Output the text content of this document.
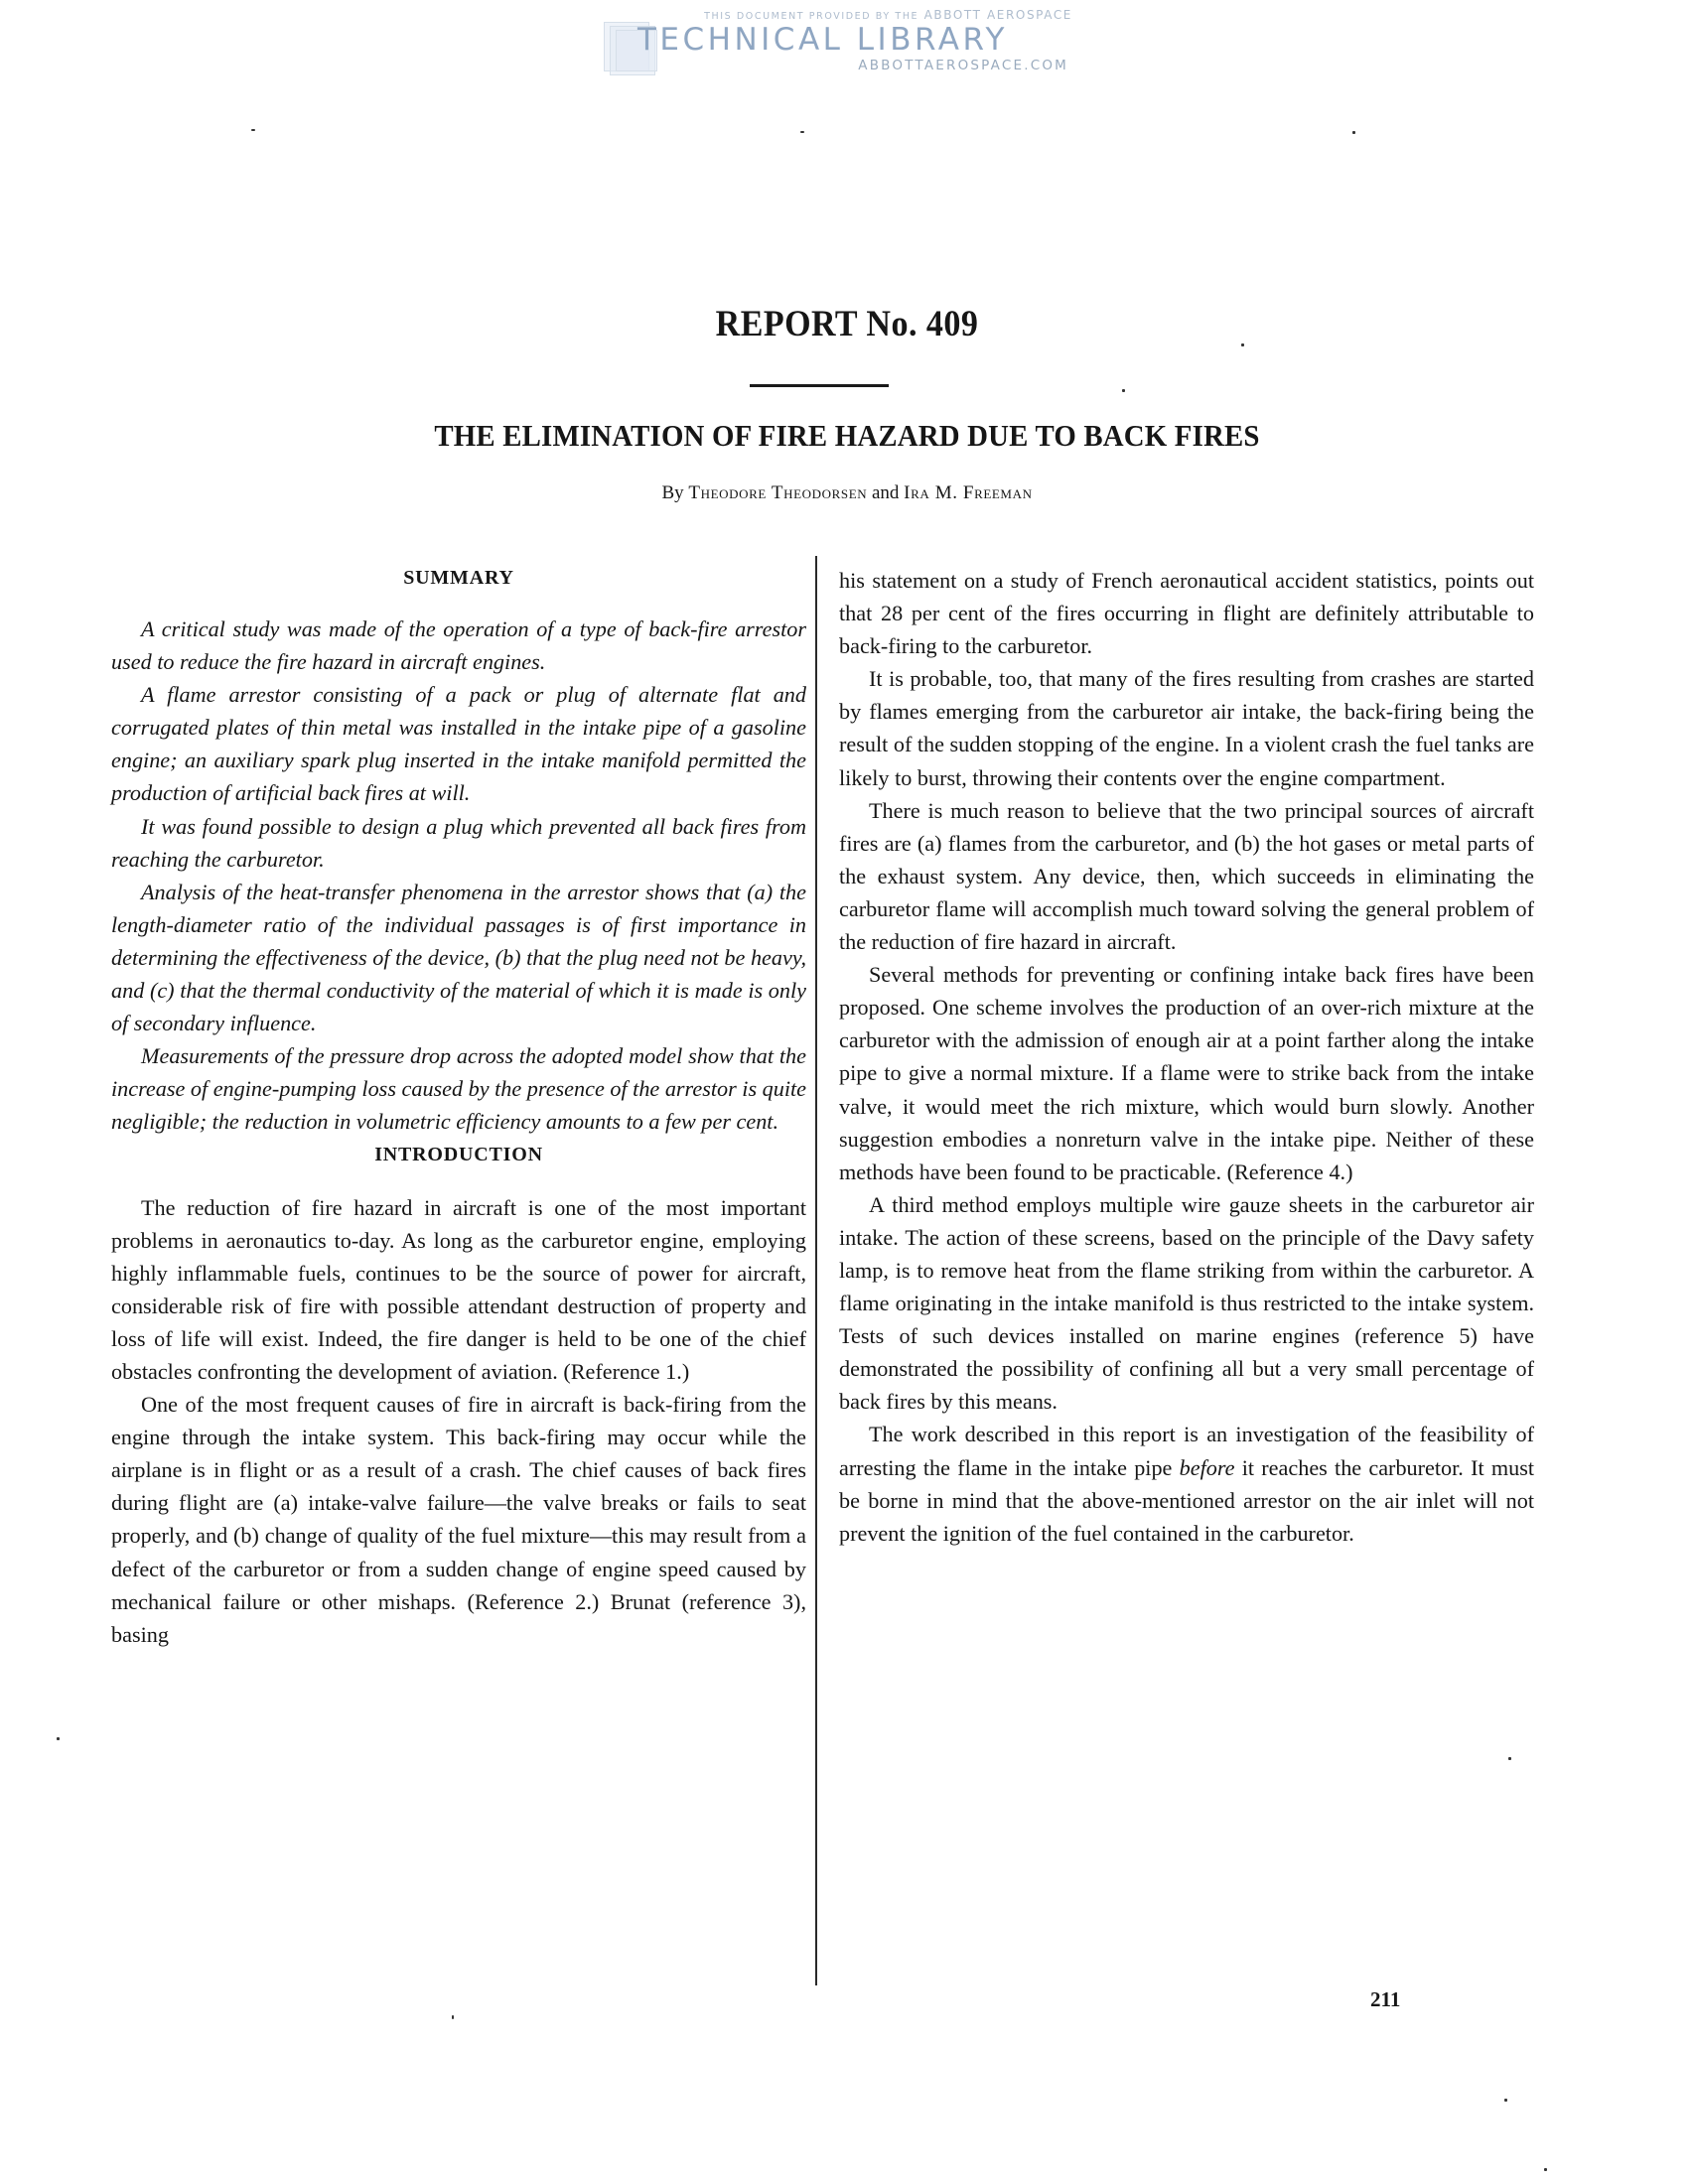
THIS DOCUMENT PROVIDED BY THE ABBOTT AEROSPACE
TECHNICAL LIBRARY
ABBOTTAEROSPACE.COM
REPORT No. 409
THE ELIMINATION OF FIRE HAZARD DUE TO BACK FIRES
By Theodore Theodorsen and Ira M. Freeman
SUMMARY

A critical study was made of the operation of a type of back-fire arrestor used to reduce the fire hazard in aircraft engines.

A flame arrestor consisting of a pack or plug of alternate flat and corrugated plates of thin metal was installed in the intake pipe of a gasoline engine; an auxiliary spark plug inserted in the intake manifold permitted the production of artificial back fires at will.

It was found possible to design a plug which prevented all back fires from reaching the carburetor.

Analysis of the heat-transfer phenomena in the arrestor shows that (a) the length-diameter ratio of the individual passages is of first importance in determining the effectiveness of the device, (b) that the plug need not be heavy, and (c) that the thermal conductivity of the material of which it is made is only of secondary influence.

Measurements of the pressure drop across the adopted model show that the increase of engine-pumping loss caused by the presence of the arrestor is quite negligible; the reduction in volumetric efficiency amounts to a few per cent.

INTRODUCTION

The reduction of fire hazard in aircraft is one of the most important problems in aeronautics to-day. As long as the carburetor engine, employing highly inflammable fuels, continues to be the source of power for aircraft, considerable risk of fire with possible attendant destruction of property and loss of life will exist. Indeed, the fire danger is held to be one of the chief obstacles confronting the development of aviation. (Reference 1.)

One of the most frequent causes of fire in aircraft is back-firing from the engine through the intake system. This back-firing may occur while the airplane is in flight or as a result of a crash. The chief causes of back fires during flight are (a) intake-valve failure—the valve breaks or fails to seat properly, and (b) change of quality of the fuel mixture—this may result from a defect of the carburetor or from a sudden change of engine speed caused by mechanical failure or other mishaps. (Reference 2.) Brunat (reference 3), basing

his statement on a study of French aeronautical accident statistics, points out that 28 per cent of the fires occurring in flight are definitely attributable to back-firing to the carburetor.

It is probable, too, that many of the fires resulting from crashes are started by flames emerging from the carburetor air intake, the back-firing being the result of the sudden stopping of the engine. In a violent crash the fuel tanks are likely to burst, throwing their contents over the engine compartment.

There is much reason to believe that the two principal sources of aircraft fires are (a) flames from the carburetor, and (b) the hot gases or metal parts of the exhaust system. Any device, then, which succeeds in eliminating the carburetor flame will accomplish much toward solving the general problem of the reduction of fire hazard in aircraft.

Several methods for preventing or confining intake back fires have been proposed. One scheme involves the production of an over-rich mixture at the carburetor with the admission of enough air at a point farther along the intake pipe to give a normal mixture. If a flame were to strike back from the intake valve, it would meet the rich mixture, which would burn slowly. Another suggestion embodies a nonreturn valve in the intake pipe. Neither of these methods have been found to be practicable. (Reference 4.)

A third method employs multiple wire gauze sheets in the carburetor air intake. The action of these screens, based on the principle of the Davy safety lamp, is to remove heat from the flame striking from within the carburetor. A flame originating in the intake manifold is thus restricted to the intake system. Tests of such devices installed on marine engines (reference 5) have demonstrated the possibility of confining all but a very small percentage of back fires by this means.

The work described in this report is an investigation of the feasibility of arresting the flame in the intake pipe before it reaches the carburetor. It must be borne in mind that the above-mentioned arrestor on the air inlet will not prevent the ignition of the fuel contained in the carburetor.

211
